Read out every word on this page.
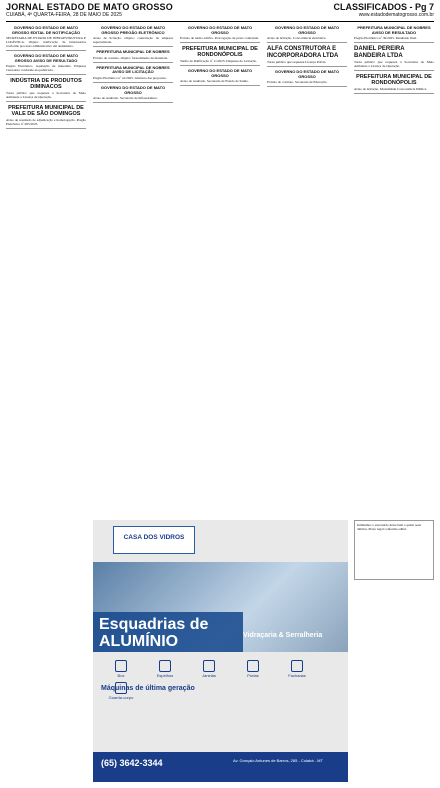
JORNAL ESTADO DE MATO GROSSO
CUIABÁ, 4ª QUARTA-FEIRA, 28 DE MAIO DE 2025
CLASSIFICADOS - Pg 7
www.estadodematogrosso.com.br
GOVERNO DO ESTADO DE MATO GROSSO EDITAL DE NOTIFICAÇÃO
SECRETARIA DE ESTADO DE INFRAESTRUTURA E LOGÍSTICA. Objeto: notificação de interessados conforme processo administrativo em andamento.
GOVERNO DO ESTADO DE MATO GROSSO AVISO DE RESULTADO
Pregão Eletrônico. Aquisição de materiais. Empresa vencedora conforme ata publicada.
INDÚSTRIA DE PRODUTOS DIMINACOS
Torna público que requereu à Secretaria de Meio Ambiente a Licença de Operação.
PREFEITURA MUNICIPAL DE VALE DE SÃO DOMINGOS
Aviso de resultado de adjudicação e homologação. Pregão Eletrônico nº 005/2025.
GOVERNO DO ESTADO DE MATO GROSSO PREGÃO ELETRÔNICO
Aviso de licitação. Objeto: contratação de empresa especializada.
PREFEITURA MUNICIPAL DE NOBRES
Extrato de contrato. Objeto: fornecimento de materiais.
PREFEITURA MUNICIPAL DE NOBRES AVISO DE LICITAÇÃO
Pregão Eletrônico nº 41/2025. Abertura das propostas.
GOVERNO DO ESTADO DE MATO GROSSO
Aviso de resultado. Secretaria de Infraestrutura.
GOVERNO DO ESTADO DE MATO GROSSO
Extrato de termo aditivo. Prorrogação de prazo contratual.
PREFEITURA MUNICIPAL DE RONDONÓPOLIS
Termo de Ratificação nº 11/2025. Dispensa de Licitação.
GOVERNO DO ESTADO DE MATO GROSSO
Aviso de resultado. Secretaria de Estado de Saúde.
GOVERNO DO ESTADO DE MATO GROSSO
Aviso de licitação. Concorrência eletrônica.
ALFA CONSTRUTORA E INCORPORADORA LTDA
Torna público que requereu Licença Prévia.
GOVERNO DO ESTADO DE MATO GROSSO
Extrato do contrato. Secretaria de Educação.
PREFEITURA MUNICIPAL DE NOBRES AVISO DE RESULTADO
Pregão Eletrônico nº 39/2025. Resultado final.
DANIEL PEREIRA BANDEIRA LTDA
Torna público que requereu à Secretaria de Meio Ambiente a Licença de Operação.
PREFEITURA MUNICIPAL DE RONDONÓPOLIS
Aviso de licitação. Modalidade Concorrência Pública.
CASA DOS VIDROS
Esquadrias de ALUMÍNIO	Vidraçaria & Serralheria
Box	Espelhos	Janelas	Portas	Fachadas
Guarda-corpo
Máquinas de última geração
(65) 3642-3344	Av. Gonçalo Antunes de Barros, 285 - Cuiabá - MT
Intimamos o executado deste bem a quitar seus débitos. Prazo legal conforme edital.
